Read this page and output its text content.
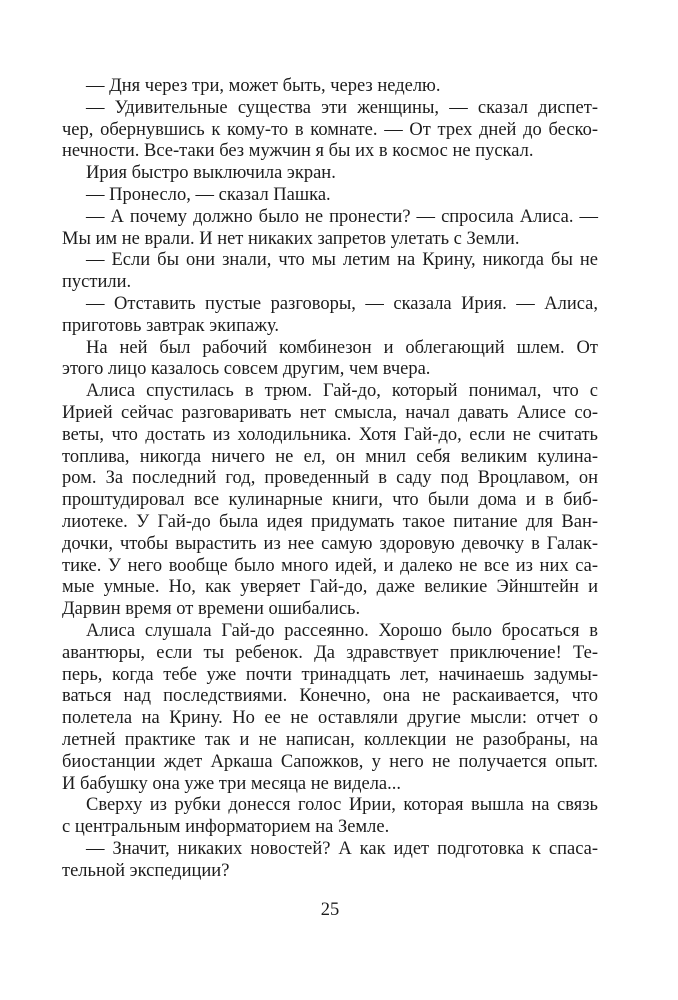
— Дня через три, может быть, через неделю.
— Удивительные существа эти женщины, — сказал диспет-
чер, обернувшись к кому-то в комнате. — От трех дней до беско-
нечности. Все-таки без мужчин я бы их в космос не пускал.
Ирия быстро выключила экран.
— Пронесло, — сказал Пашка.
— А почему должно было не пронести? — спросила Алиса. —
Мы им не врали. И нет никаких запретов улетать с Земли.
— Если бы они знали, что мы летим на Крину, никогда бы не
пустили.
— Отставить пустые разговоры, — сказала Ирия. — Алиса,
приготовь завтрак экипажу.
На ней был рабочий комбинезон и облегающий шлем. От
этого лицо казалось совсем другим, чем вчера.
Алиса спустилась в трюм. Гай-до, который понимал, что с
Ирией сейчас разговаривать нет смысла, начал давать Алисе со-
веты, что достать из холодильника. Хотя Гай-до, если не считать
топлива, никогда ничего не ел, он мнил себя великим кулина-
ром. За последний год, проведенный в саду под Вроцлавом, он
проштудировал все кулинарные книги, что были дома и в биб-
лиотеке. У Гай-до была идея придумать такое питание для Ван-
дочки, чтобы вырастить из нее самую здоровую девочку в Галак-
тике. У него вообще было много идей, и далеко не все из них са-
мые умные. Но, как уверяет Гай-до, даже великие Эйнштейн и
Дарвин время от времени ошибались.
Алиса слушала Гай-до рассеянно. Хорошо было бросаться в
авантюры, если ты ребенок. Да здравствует приключение! Те-
перь, когда тебе уже почти тринадцать лет, начинаешь задумы-
ваться над последствиями. Конечно, она не раскаивается, что
полетела на Крину. Но ее не оставляли другие мысли: отчет о
летней практике так и не написан, коллекции не разобраны, на
биостанции ждет Аркаша Сапожков, у него не получается опыт.
И бабушку она уже три месяца не видела...
Сверху из рубки донесся голос Ирии, которая вышла на связь
с центральным информаторием на Земле.
— Значит, никаких новостей? А как идет подготовка к спаса-
тельной экспедиции?
25
